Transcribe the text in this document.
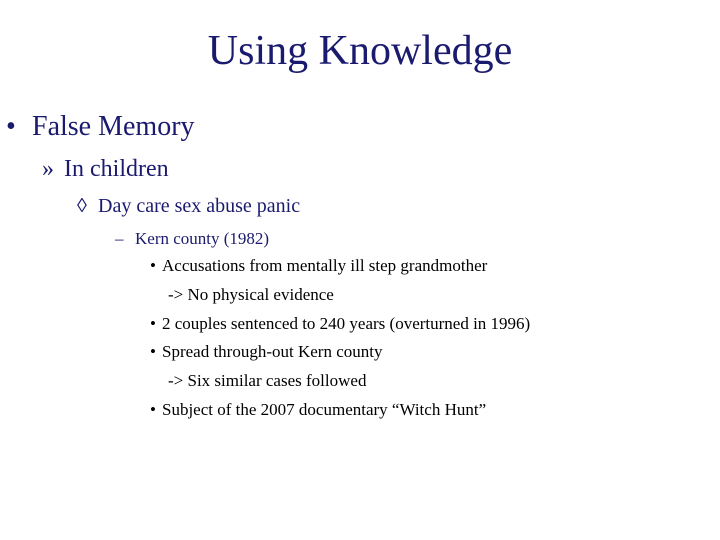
Using Knowledge
• False Memory
» In children
◊ Day care sex abuse panic
– Kern county (1982)
• Accusations from mentally ill step grandmother
-> No physical evidence
• 2 couples sentenced to 240 years (overturned in 1996)
• Spread through-out Kern county
-> Six similar cases followed
• Subject of the 2007 documentary “Witch Hunt”
